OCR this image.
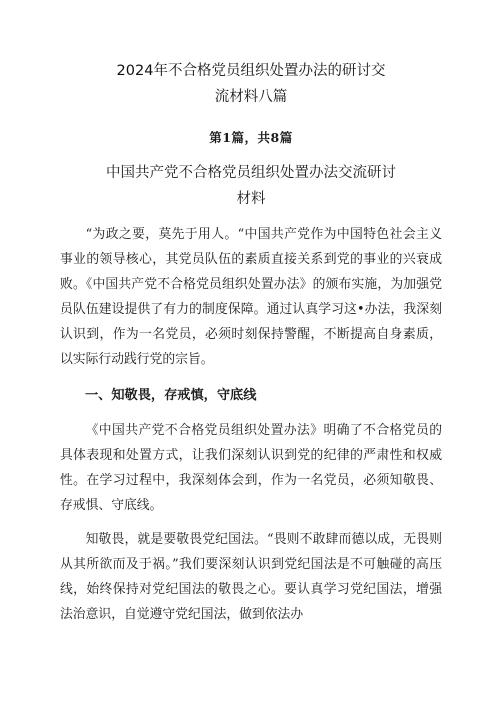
2024年不合格党员组织处置办法的研讨交
流材料八篇
第1篇，共8篇
中国共产党不合格党员组织处置办法交流研讨
材料

“为政之要，莫先于用人。“中国共产党作为中国特色社会主义事业的领导核心，其党员队伍的素质直接关系到党的事业的兴衰成败。《中国共产党不合格党员组织处置办法》的颁布实施，为加强党员队伍建设提供了有力的制度保障。通过认真学习这•办法，我深刻认识到，作为一名党员，必须时刻保持警醒，不断提高自身素质，以实际行动践行党的宗旨。

一、知敬畏，存戒慎，守底线

《中国共产党不合格党员组织处置办法》明确了不合格党员的具体表现和处置方式，让我们深刻认识到党的纪律的严肃性和权威性。在学习过程中，我深刻体会到，作为一名党员，必须知敬畏、存戒惧、守底线。

知敬畏，就是要敬畏党纪国法。“畏则不敢肆而德以成，无畏则从其所欲而及于祸。”我们要深刻认识到党纪国法是不可触碰的高压线，始终保持对党纪国法的敬畏之心。要认真学习党纪国法，增强法治意识，自觉遵守党纪国法，做到依法办
